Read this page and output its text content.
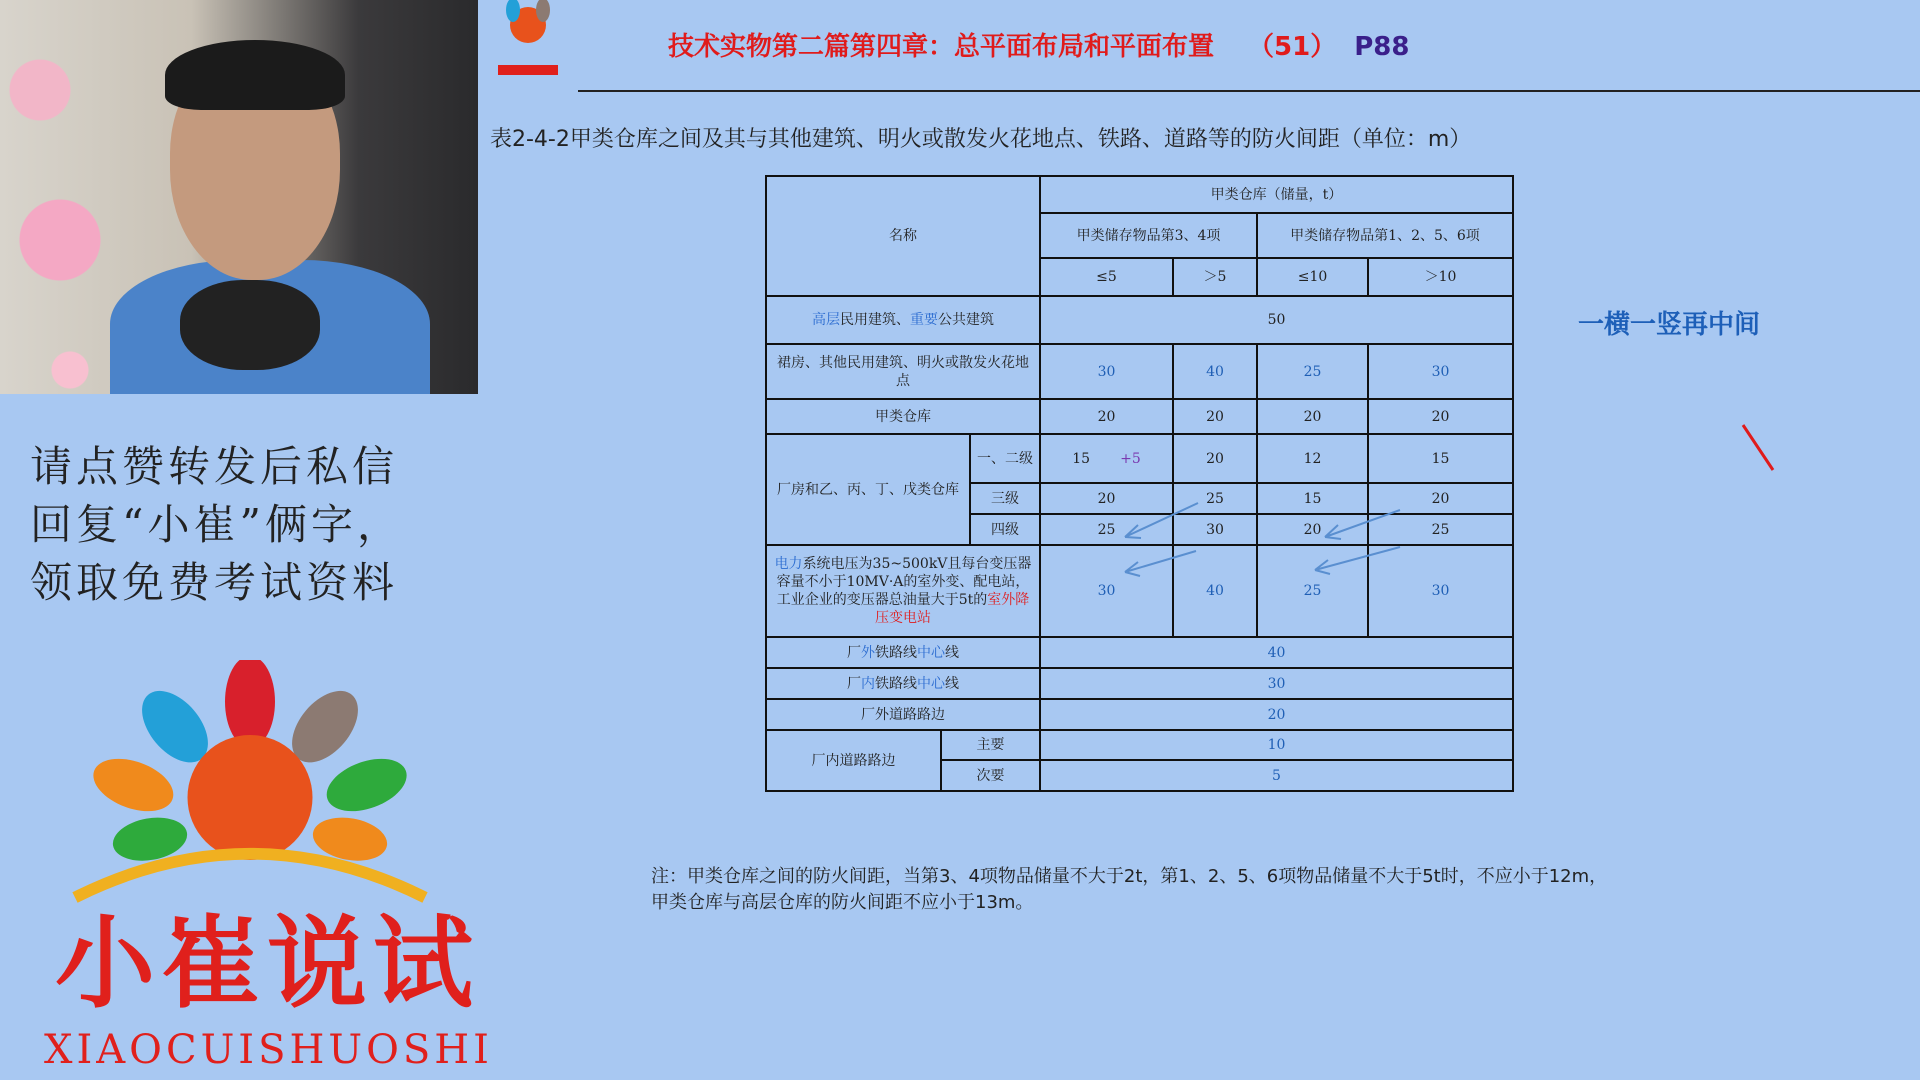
请点赞转发后私信
回复“小崔”俩字，
领取免费考试资料
小崔说试
XIAOCUISHUOSHI
技术实物第二篇第四章：总平面布局和平面布置 （51） P88
表2-4-2甲类仓库之间及其与其他建筑、明火或散发火花地点、铁路、道路等的防火间距（单位：m）
名称			甲类仓库（储量，t）			
			甲类储存物品第3、4项		甲类储存物品第1、2、5、6项	
			≤5	＞5	≤10	＞10
高层民用建筑、重要公共建筑			50			
裙房、其他民用建筑、明火或散发火花地点			30	40	25	30
甲类仓库			20	20	20	20
厂房和乙、丙、丁、戊类仓库		一、二级	15 +5	20	12	15
		三级	20	25	15	20
		四级	25	30	20	25
电力系统电压为35~500kV且每台变压器容量不小于10MV·A的室外变、配电站，工业企业的变压器总油量大于5t的室外降压变电站			30	40	25	30
厂外铁路线中心线			40			
厂内铁路线中心线			30			
厂外道路路边			20			
厂内道路路边	主要		10			
	次要		5			
一横一竖再中间
注：甲类仓库之间的防火间距，当第3、4项物品储量不大于2t，第1、2、5、6项物品储量不大于5t时，不应小于12m，
甲类仓库与高层仓库的防火间距不应小于13m。
